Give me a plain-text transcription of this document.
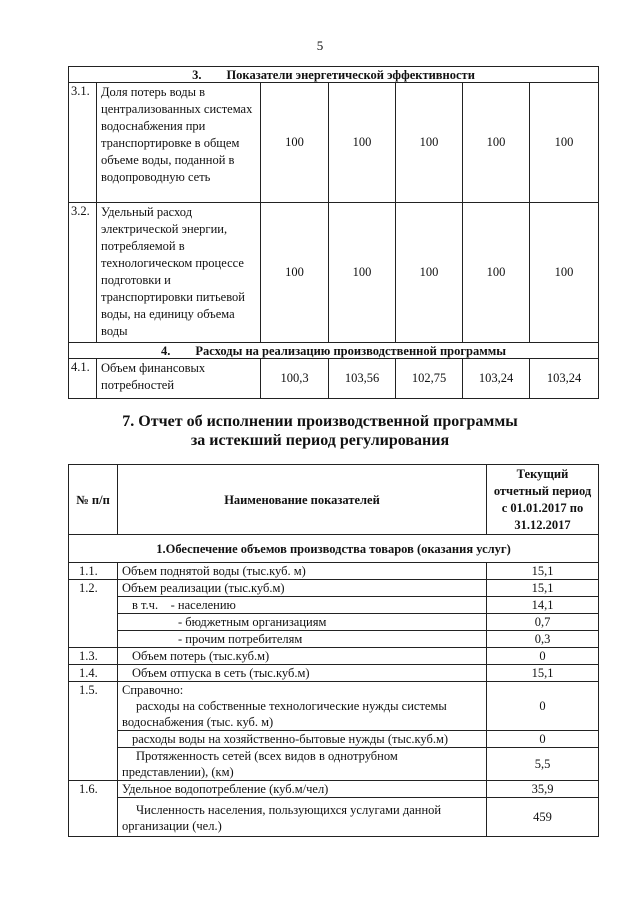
5
3. Показатели энергетической эффективности						
3.1.	Доля потерь воды в централизованных системах водоснабжения при транспортировке в общем объеме воды, поданной в водопроводную сеть	100	100	100	100	100
3.2.	Удельный расход электрической энергии, потребляемой в технологическом процессе подготовки и транспортировки питьевой воды, на единицу объема воды	100	100	100	100	100
4. Расходы на реализацию производственной программы						
4.1.	Объем финансовых потребностей	100,3	103,56	102,75	103,24	103,24
7. Отчет об исполнении производственной программы
за истекший период регулирования
№ п/п	Наименование показателей	Текущий отчетный период с 01.01.2017 по 31.12.2017
1.Обеспечение объемов производства товаров (оказания услуг)		
1.1.	Объем поднятой воды (тыс.куб. м)	15,1
1.2.	Объем реализации (тыс.куб.м)	15,1
	в т.ч. - населению	14,1
	- бюджетным организациям	0,7
	- прочим потребителям	0,3
1.3.	Объем потерь (тыс.куб.м)	0
1.4.	Объем отпуска в сеть (тыс.куб.м)	15,1
1.5.	Справочно:
расходы на собственные технологические нужды системы водоснабжения (тыс. куб. м)	0
	расходы воды на хозяйственно-бытовые нужды (тыс.куб.м)	0
	Протяженность сетей (всех видов в однотрубном представлении), (км)	5,5
1.6.	Удельное водопотребление (куб.м/чел)	35,9
	Численность населения, пользующихся услугами данной организации (чел.)	459
